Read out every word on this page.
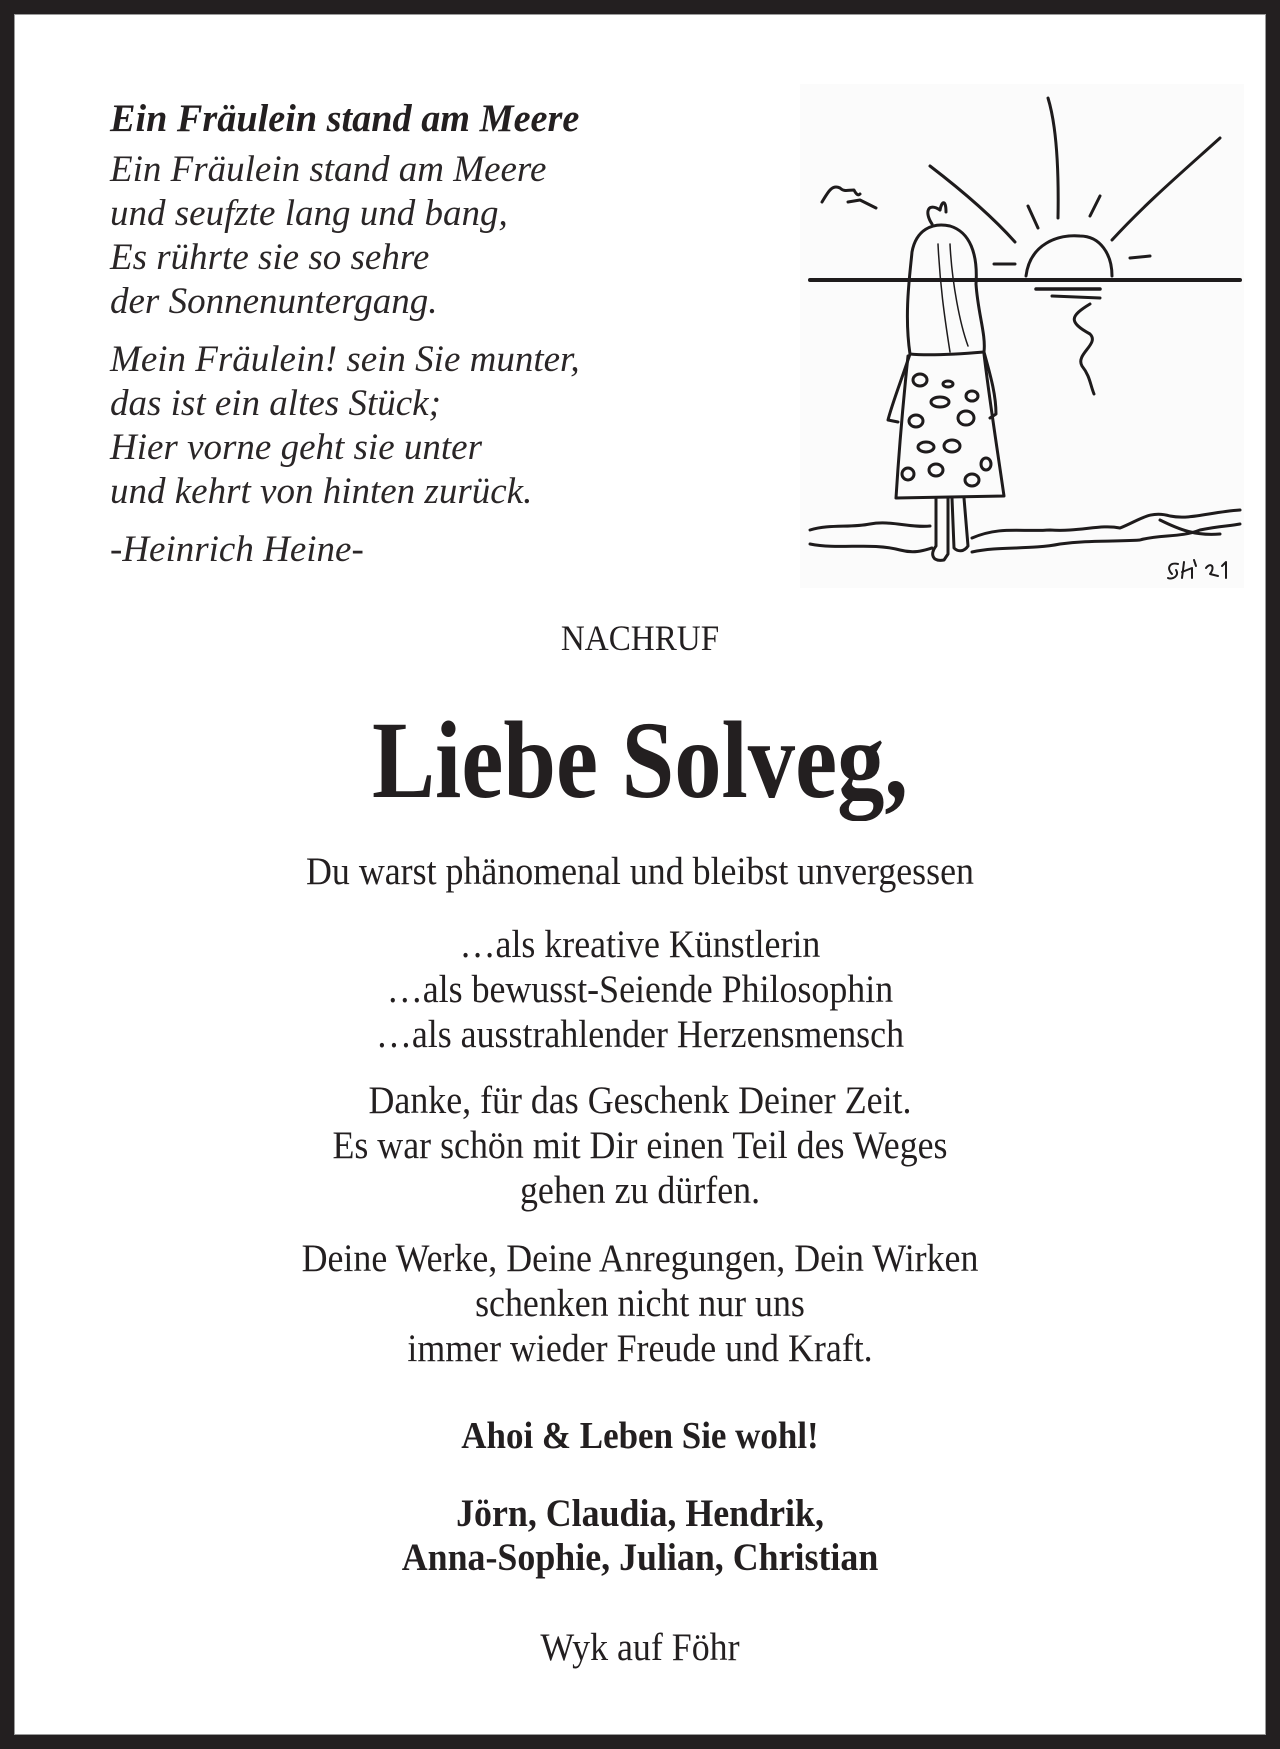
Ein Fräulein stand am Meere
Ein Fräulein stand am Meere
und seufzte lang und bang,
Es rührte sie so sehre
der Sonnenuntergang.
Mein Fräulein! sein Sie munter,
das ist ein altes Stück;
Hier vorne geht sie unter
und kehrt von hinten zurück.
-Heinrich Heine-
NACHRUF
Liebe Solveg,
Du warst phänomenal und bleibst unvergessen
…als kreative Künstlerin
…als bewusst-Seiende Philosophin
…als ausstrahlender Herzensmensch
Danke, für das Geschenk Deiner Zeit.
Es war schön mit Dir einen Teil des Weges
gehen zu dürfen.
Deine Werke, Deine Anregungen, Dein Wirken
schenken nicht nur uns
immer wieder Freude und Kraft.
Ahoi & Leben Sie wohl!
Jörn, Claudia, Hendrik,
Anna-Sophie, Julian, Christian
Wyk auf Föhr
